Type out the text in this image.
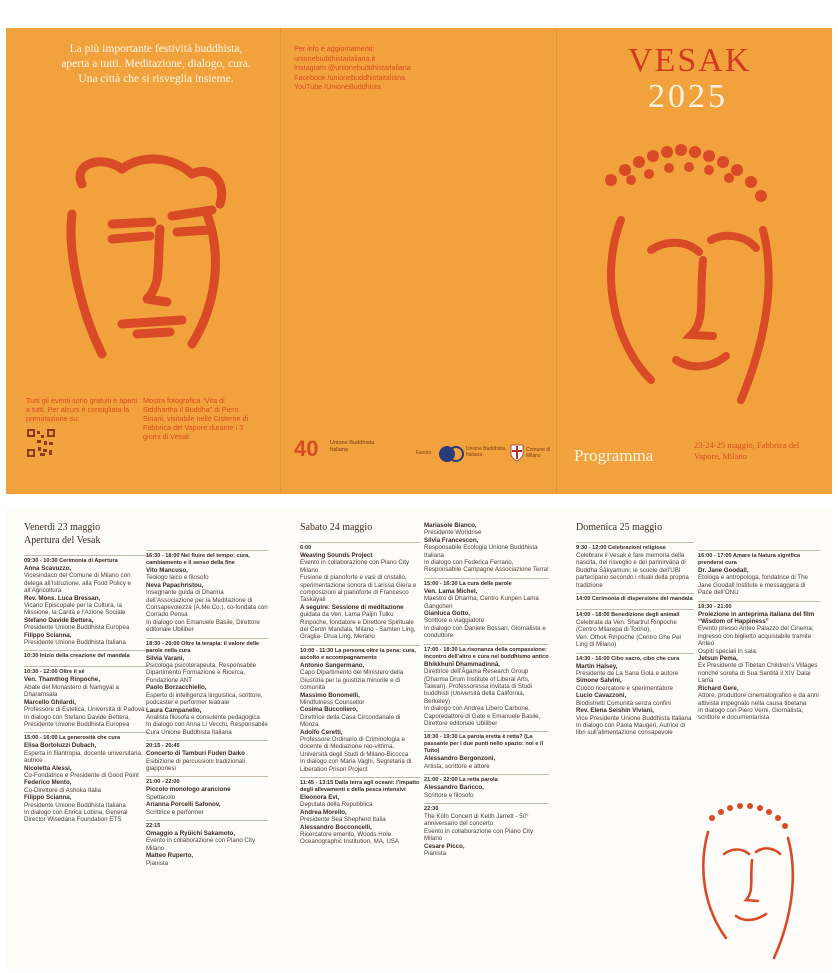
La più importante festività buddhista,
aperta a tutti. Meditazione, dialogo, cura.
Una città che si risveglia insieme.
Per info e aggiornamenti:
unionebuddhistaitaliana.it
Instagram @unionebuddhistaitaliana
Facebook /unionebuddhistaitaliana
YouTube /UnioneBuddhista
VESAK
2025
Tutti gli eventi sono gratuiti e aperti a tutti. Per alcuni è consigliata la prenotazione su:
Mostra fotografica “Vita di Siddhartha il Buddha” di Piero Siriani, visitabile nelle Cisterne di Fabbrica del Vapore durante i 3 giorni di Vesak	40 Unione Buddhista Italiana
Favolo
Unione Buddhista Italiana
Comune di Milano	Programma
23-24-25 maggio, Fabbrica del Vapore, Milano
Venerdì 23 maggio
Apertura del Vesak
09:30 - 10:30 Cerimonia di Apertura
Anna Scavuzzo,
Vicesindaco del Comune di Milano con delega all’Istruzione, alla Food Policy e all’Agricoltura
Rev. Mons. Luca Bressan,
Vicario Episcopale per la Cultura, la Missione, la Carità e l’Azione Sociale
Stefano Davide Bettera,
Presidente Unione Buddhista Europea
Filippo Scianna,
Presidente Unione Buddhista Italiana
10:30 Inizio della creazione del mandala
10:30 - 12:00 Oltre il sé
Ven. Thamthog Rinpoche,
Abate del Monastero di Namgyal a Dharamsala
Marcello Ghilardi,
Professore di Estetica, Università di Padova
In dialogo con Stefano Davide Bettera, Presidente Unione Buddhista Europea
15:00 - 16:00 La generosità che cura
Elisa Bortoluzzi Dubach,
Esperta in filantropia, docente universitaria, autrice
Nicoletta Alessi,
Co-Fondatrice e Presidente di Good Point
Federico Mento,
Co-Direttore di Ashoka Italia
Filippo Scianna,
Presidente Unione Buddhista Italiana
In dialogo con Enrica Lobina, General Director Wisedàna Foundation ETS
16:30 - 18:00 Nel fluire del tempo: cura, cambiamento e il senso della fine
Vito Mancuso,
Teologo laico e filosofo
Neva Papachristou,
Insegnante guida di Dharma dell’Associazione per la Meditazione di Consapevolezza (A.Me.Co.), co-fondata con Corrado Pensa
In dialogo con Emanuele Basile, Direttore editoriale Ubiliber
18:30 - 20:00 Oltre la terapia: il valore delle parole nella cura
Silvia Varani,
Psicologa psicoterapeuta, Responsabile Dipartimento Formazione e Ricerca, Fondazione ANT
Paolo Borzacchiello,
Esperto di intelligenza linguistica, scrittore, podcaster e performer teatrale
Laura Campanello,
Analista filosofa e consulente pedagogica
In dialogo con Anna Li Vecchi, Responsabile Cura Unione Buddhista Italiana
20:15 - 20:45
Concerto di Tamburi Fuden Daiko
Esibizione di percussioni tradizionali giapponesi
21:00 - 22:00
Piccolo monologo arancione
Spettacolo
Arianna Porcelli Safonov,
Scrittrice e performer
22:15
Omaggio a Ryūichi Sakamoto,
Evento in collaborazione con Piano City Milano
Matteo Ruperto,
Pianista
Sabato 24 maggio
6:00
Weaving Sounds Project
Evento in collaborazione con Piano City Milano
Fusione di pianoforte e vasi di cristallo, sperimentazione sonora di Larissa Giera e composizioni al pianoforte di Francesco Taskayali
A seguire: Sessione di meditazione
guidata da Ven. Lama Paljin Tulku Rinpoche, fondatore e Direttore Spirituale dei Centri Mandala, Milano - Samten Ling, Graglia- Drua Ling, Merano
10:00 - 11:30 La persona oltre la pena: cura, ascolto e accompagnamento
Antonio Sangermano,
Capo Dipartimento del Ministero della Giustizia per la giustizia minorile e di comunità
Massimo Bonomelli,
Mindfulness Counsellor
Cosima Buccoliero,
Direttrice della Casa Circondariale di Monza
Adolfo Ceretti,
Professore Ordinario di Criminologia e docente di Mediazione reo-vittima, Università degli Studi di Milano-Bicocca
In dialogo con Maria Vaghi, Segretaria di Liberation Prison Project
11:45 - 13:15 Dalla terra agli oceani: l’impatto degli allevamenti e della pesca intensivi
Eleonora Evi,
Deputata della Repubblica
Andrea Morello,
Presidente Sea Shepherd Italia
Alessandro Bocconcelli,
Ricercatore emerito, Woods Hole Oceanographic Institution, MA, USA
Mariasole Bianco,
Presidente Worldrise
Silvia Francescon,
Responsabile Ecologia Unione Buddhista Italiana
In dialogo con Federica Ferrario, Responsabile Campagne Associazione Terra!
15:00 - 16:30 La cura delle parole
Ven. Lama Michel,
Maestro di Dharma, Centro Kunpen Lama Gangchen
Gianluca Gotto,
Scrittore e viaggiatore
In dialogo con Daniele Bossari, Giornalista e conduttore
17:00 - 18:30 La risonanza della compassione: incontro dell’altro e cura nel buddhismo antico
Bhikkhunī Dhammadinnā,
Direttrice dell’Āgama Research Group (Dharma Drum Institute of Liberal Arts, Taiwan), Professoressa invitata di Studi buddhisti (Università della California, Berkeley)
In dialogo con Andrea Libero Carbone, Caporedattore di Gate e Emanuele Basile, Direttore editoriale Ubiliber
18:30 - 19:30 La parola eretta è retta? (La passante per i due punti nello spazio: noi e il Tutto)
Alessandro Bergonzoni,
Artista, scrittore e attore
21:00 - 22:00 La retta parola
Alessandro Baricco,
Scrittore e filosofo
22:30
The Köln Concert di Keith Jarrett - 50° anniversario del concerto
Evento in collaborazione con Piano City Milano
Cesare Picco,
Pianista
Domenica 25 maggio
9:30 - 12:00 Celebrazioni religiose
Celebrare il Vesak è fare memoria della nascita, del risveglio e del parinirvāṇa di Buddha Śākyamuni; le scuole dell’UBI partecipano secondo i rituali della propria tradizione
14:00 Cerimonia di dispersione del mandala
14:00 - 18:00 Benedizione degli animali
Celebrata da Ven. Shartrul Rinpoche (Centro Milarepa di Torino),
Ven. Othok Rinpoche (Centro Ghe Pel Ling di Milano)
14:30 - 16:00 Cibo sacro, cibo che cura
Martin Halsey,
Presidente de La Sana Gola e autore
Simone Salvini,
Cuoco ricercatore e sperimentatore
Lucio Cavazzoni,
Biodistretti Comunità senza confini
Rev. Elena Seishin Viviani,
Vice Presidente Unione Buddhista Italiana
In dialogo con Paola Maugeri, Autrice di libri sull’alimentazione consapevole
16:00 - 17:00 Amare la Natura significa prendersi cura
Dr. Jane Goodall,
Etologa e antropologa, fondatrice di The Jane Goodall Institute e messaggera di Pace dell’ONU
19:30 - 21:00
Proiezione in anteprima italiana del film “Wisdom of Happiness”
Evento presso Anteo Palazzo del Cinema; ingresso con biglietto acquistabile tramite Anteo
Ospiti speciali in sala:
Jetsun Pema,
Ex Presidente di Tibetan Children’s Villages nonché sorella di Sua Santità il XIV Dalai Lama
Richard Gere,
Attore, produttore cinematografico e da anni attivista impegnato nella causa tibetana
In dialogo con Piero Verni, Giornalista, scrittore e documentarista
